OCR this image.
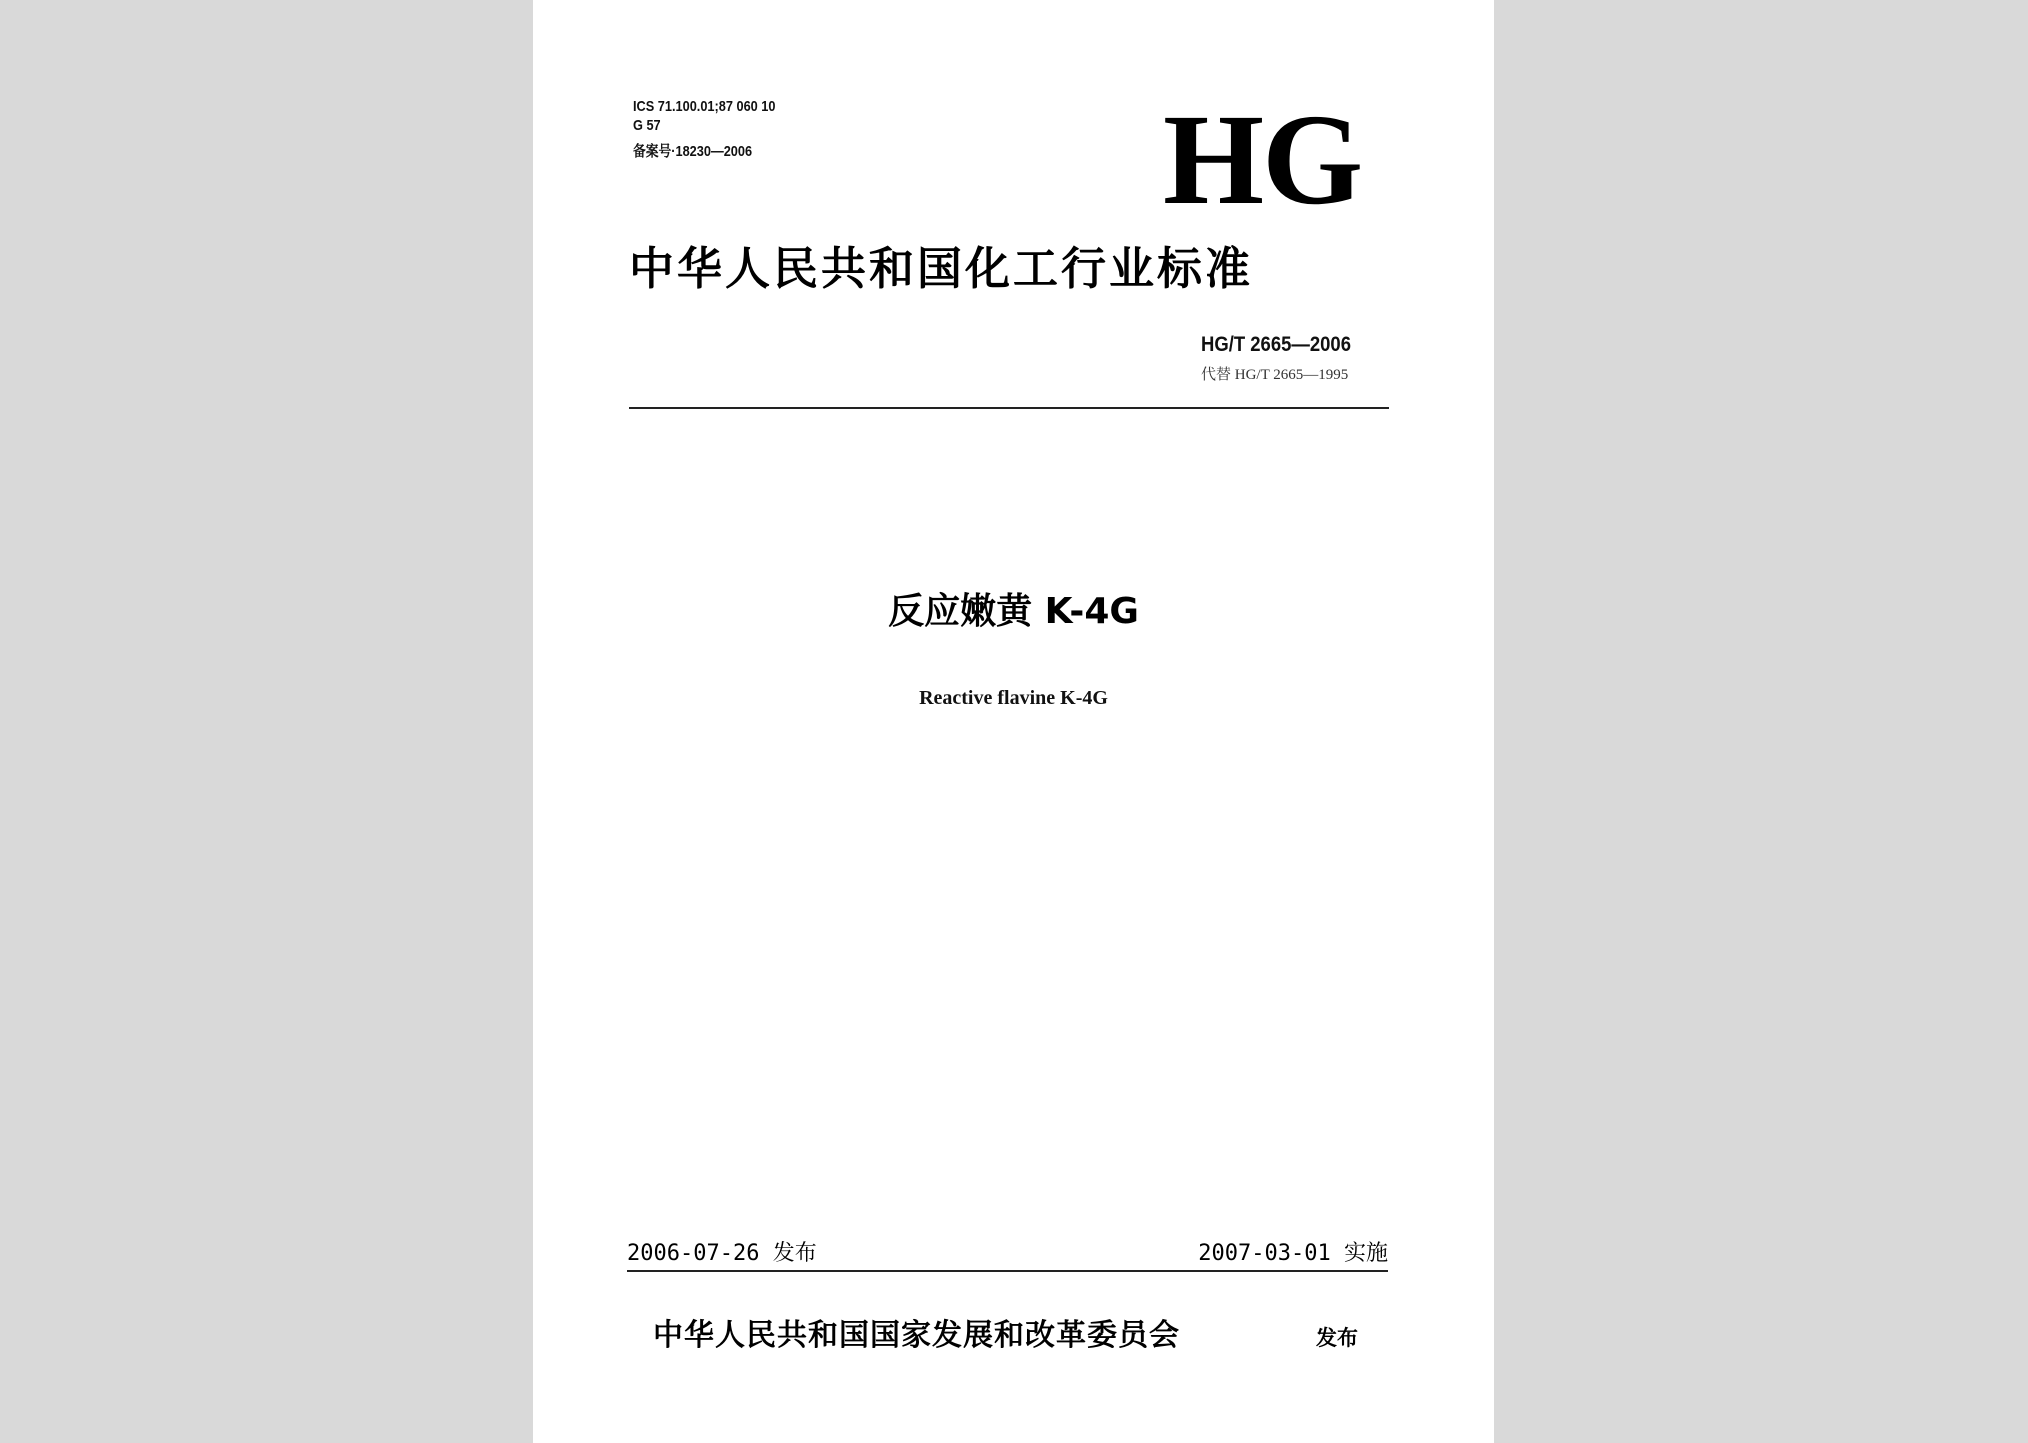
ICS 71.100.01;87 060 10
G 57
备案号·18230—2006	HG
中华人民共和国化工行业标准
HG/T 2665—2006
代替 HG/T 2665—1995
反应嫩黄 K-4G
Reactive flavine K-4G
2006-07-26 发布	2007-03-01 实施
中华人民共和国国家发展和改革委员会	发布
